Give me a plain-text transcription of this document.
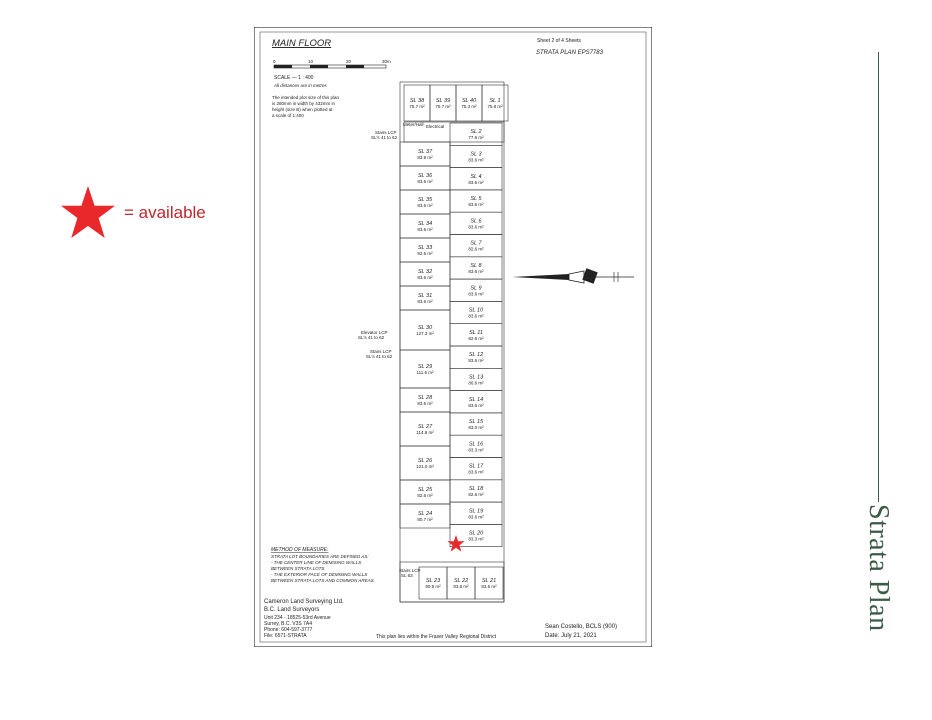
= available
Strata Plan
MAIN FLOOR	Sheet 2 of 4 Sheets
STRATA PLAN EPS7783
0	10	20	30m
SCALE — 1 : 400
All distances are in metres
The intended plot size of this plan
is 280mm in width by 432mm in
height (size B) when plotted at
a scale of 1:400
SL 38
75.7 m²
SL 39
75.7 m²
SL 40
75.3 m²
SL 1
75.8 m²
SL 37
83.9 m²
SL 36
83.6 m²
SL 35
83.6 m²
SL 34
83.6 m²
SL 33
82.6 m²
SL 32
83.6 m²
SL 31
83.6 m²
SL 30
127.3 m²
SL 29
111.6 m²
SL 28
83.6 m²
SL 27
114.8 m²
SL 26
121.0 m²
SL 25
82.6 m²
SL 24
80.7 m²
SL 2
77.6 m²
SL 3
83.6 m²
SL 4
83.6 m²
SL 5
83.6 m²
SL 6
83.6 m²
SL 7
82.6 m²
SL 8
83.6 m²
SL 9
83.6 m²
SL 10
83.6 m²
SL 11
82.6 m²
SL 12
83.6 m²
SL 13
80.6 m²
SL 14
83.6 m²
SL 15
83.0 m²
SL 16
83.3 m²
SL 17
83.6 m²
SL 18
82.6 m²
SL 19
83.6 m²
SL 20
83.3 m²
SL 23
90.9 m²
SL 22
83.6 m²
SL 21
83.6 m²
Stairs LCP
SL's 41 to 62
Elevator LCP
SL's 41 to 62
Stairs LCP
SL's 41 to 62
Meter/Hall Electrical
Stairs LCP
SL 63
METHOD OF MEASURE:
STRATA LOT BOUNDARIES ARE DEFINED AS:
- THE CENTER LINE OF DEMISING WALLS
BETWEEN STRATA LOTS
- THE EXTERIOR FACE OF DEMISING WALLS
BETWEEN STRATA LOTS AND COMMON AREAS.
Cameron Land Surveying Ltd.
B.C. Land Surveyors
Unit 234 - 18525-53rd Avenue
Surrey, B.C. V3S 7A4
Phone: 604-597-3777
File: 6571-STRATA
Sean Costello, BCLS (900)
Date: July 21, 2021
This plan lies within the Fraser Valley Regional District
